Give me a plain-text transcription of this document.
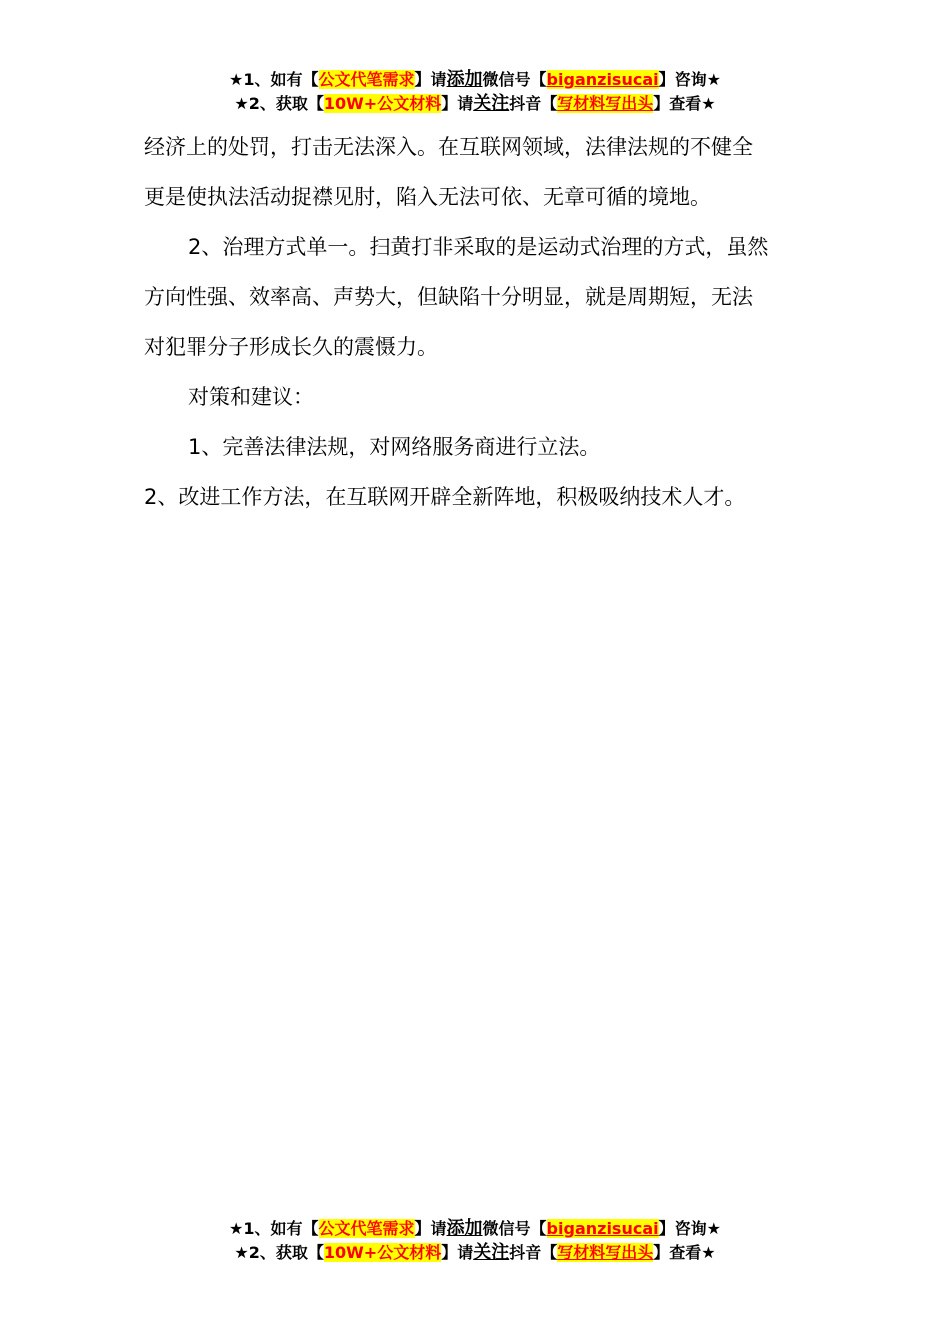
★1、如有【公文代笔需求】请添加微信号【biganzisucai】咨询★
★2、获取【10W+公文材料】请关注抖音【写材料写出头】查看★

经济上的处罚，打击无法深入。在互联网领域，法律法规的不健全

更是使执法活动捉襟见肘，陷入无法可依、无章可循的境地。

2、治理方式单一。扫黄打非采取的是运动式治理的方式，虽然

方向性强、效率高、声势大，但缺陷十分明显，就是周期短，无法

对犯罪分子形成长久的震慑力。

对策和建议：

1、完善法律法规，对网络服务商进行立法。

2、改进工作方法，在互联网开辟全新阵地，积极吸纳技术人才。

★1、如有【公文代笔需求】请添加微信号【biganzisucai】咨询★
★2、获取【10W+公文材料】请关注抖音【写材料写出头】查看★
